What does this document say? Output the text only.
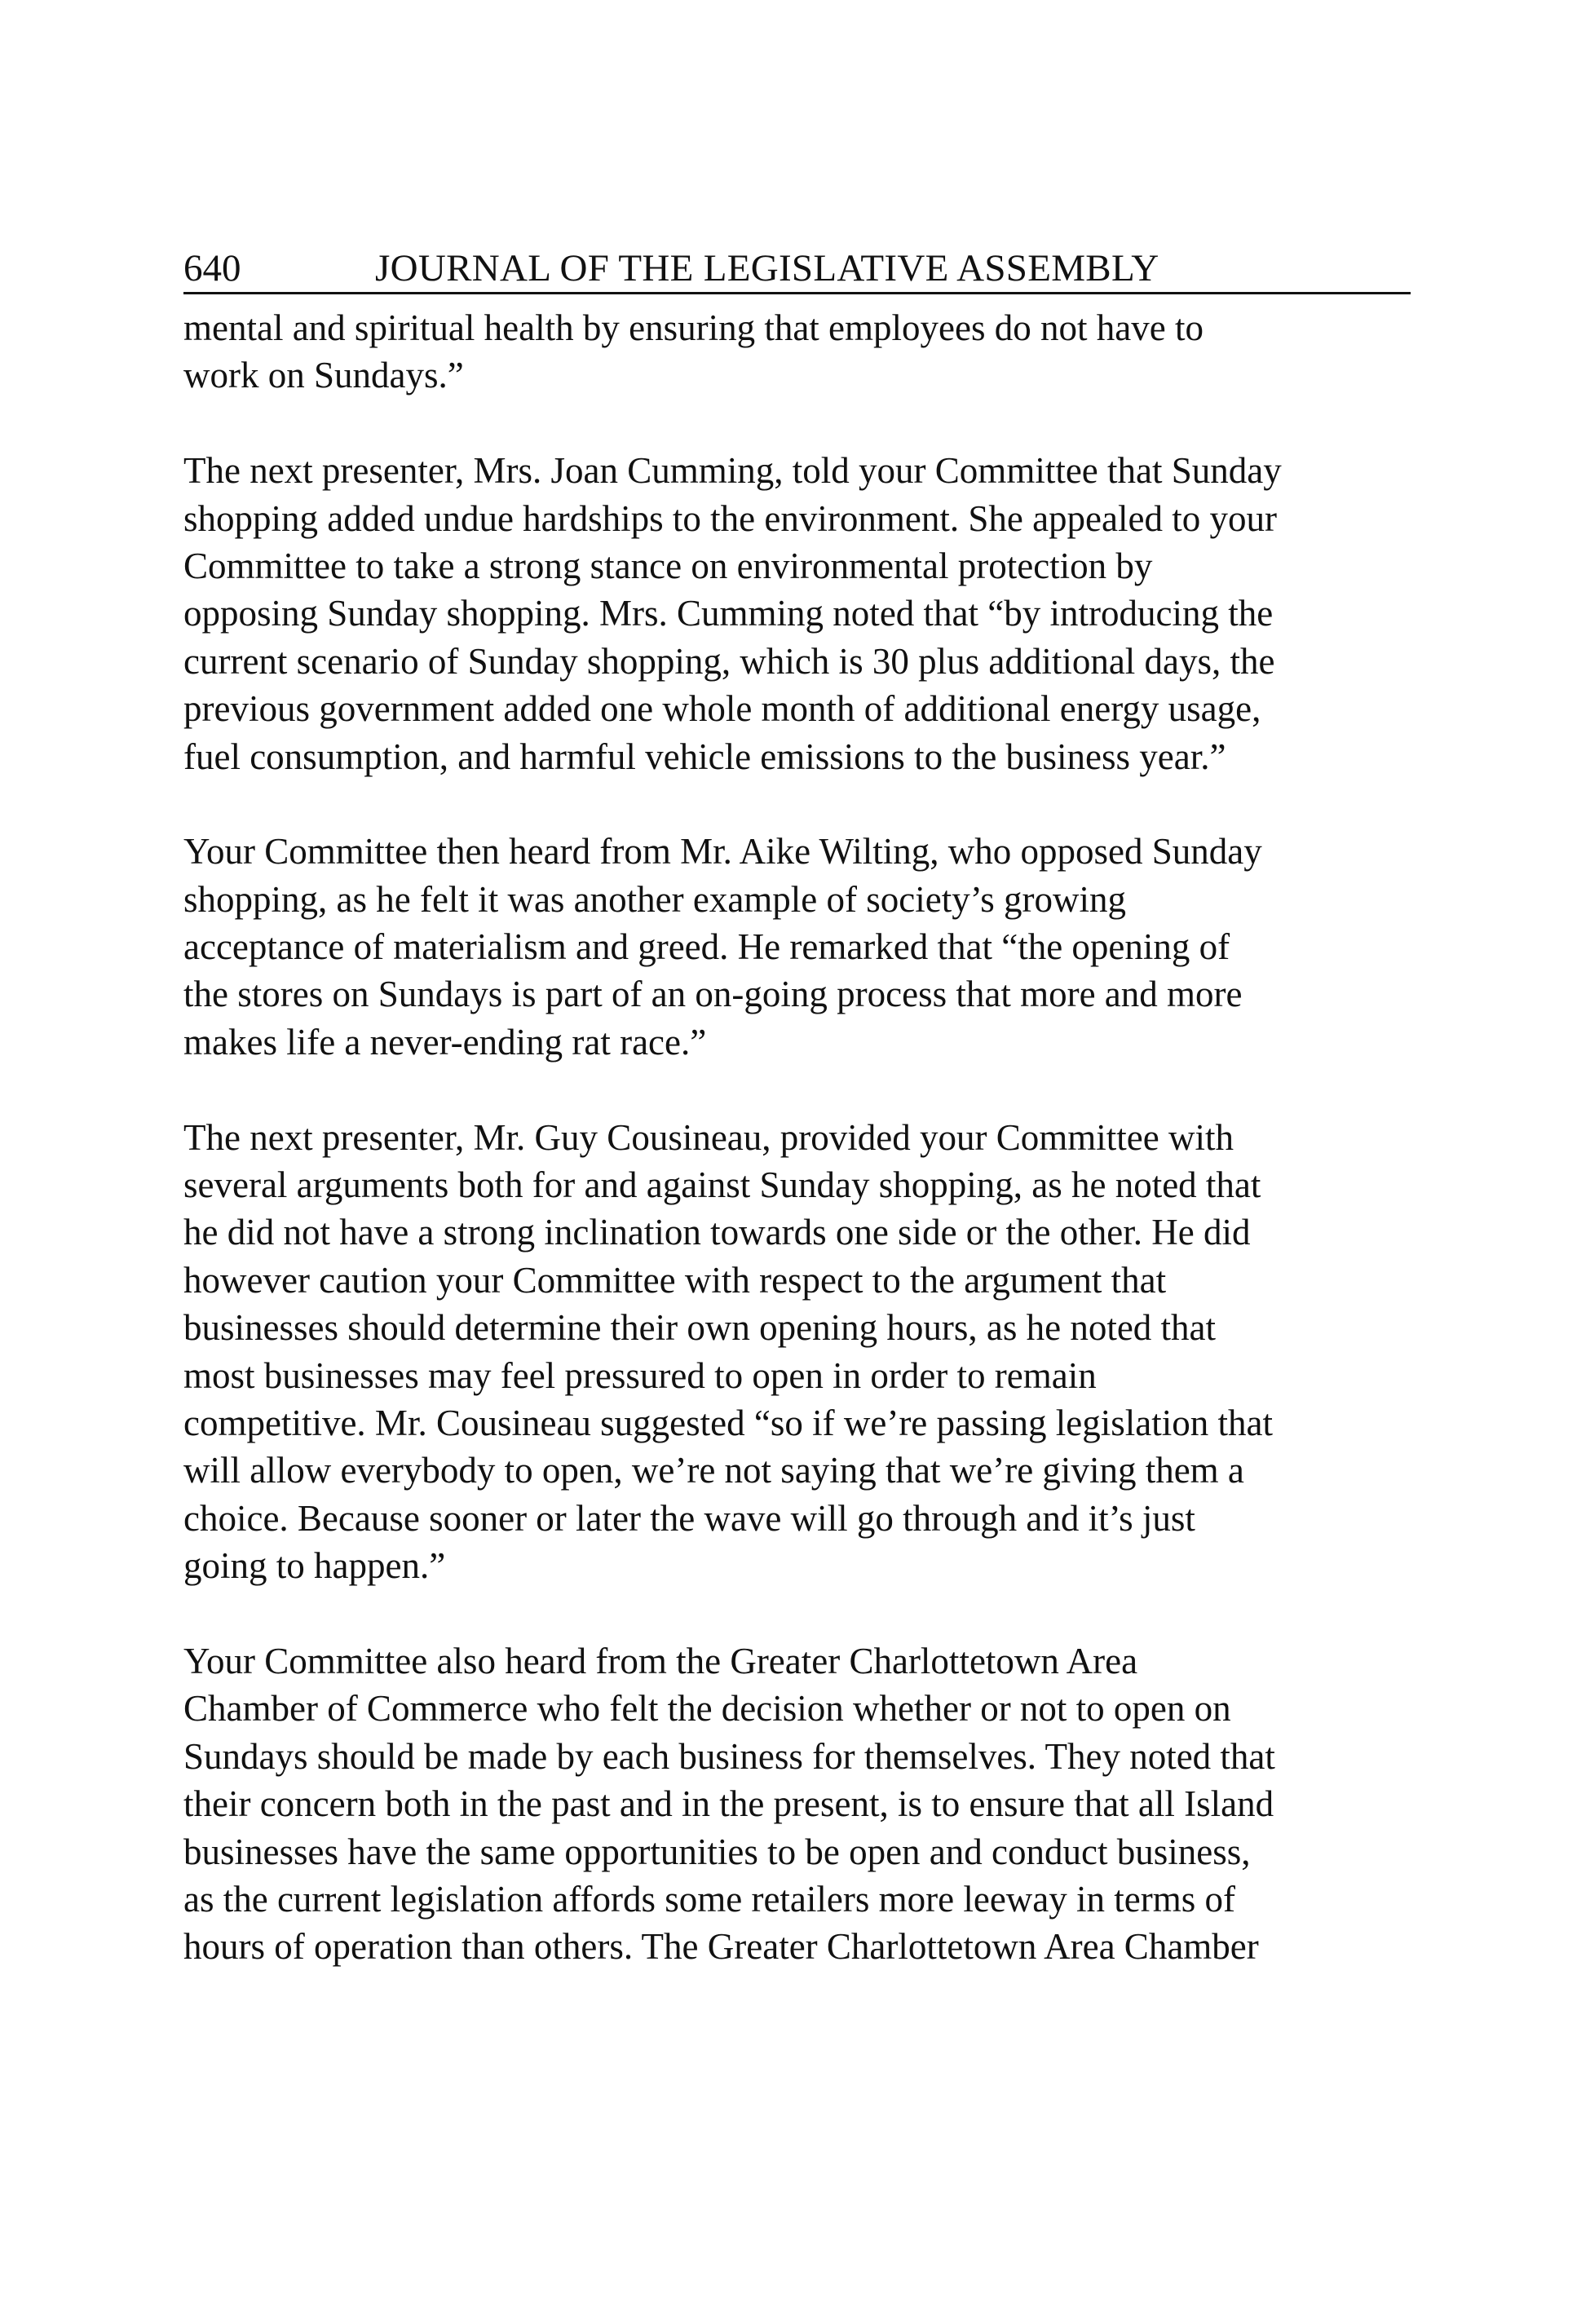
640	JOURNAL OF THE LEGISLATIVE ASSEMBLY
mental and spiritual health by ensuring that employees do not have to
work on Sundays.”
The next presenter, Mrs. Joan Cumming, told your Committee that Sunday
shopping added undue hardships to the environment. She appealed to your
Committee to take a strong stance on environmental protection by
opposing Sunday shopping. Mrs. Cumming noted that “by introducing the
current scenario of Sunday shopping, which is 30 plus additional days, the
previous government added one whole month of additional energy usage,
fuel consumption, and harmful vehicle emissions to the business year.”
Your Committee then heard from Mr. Aike Wilting, who opposed Sunday
shopping, as he felt it was another example of society’s growing
acceptance of materialism and greed. He remarked that “the opening of
the stores on Sundays is part of an on-going process that more and more
makes life a never-ending rat race.”
The next presenter, Mr. Guy Cousineau, provided your Committee with
several arguments both for and against Sunday shopping, as he noted that
he did not have a strong inclination towards one side or the other. He did
however caution your Committee with respect to the argument that
businesses should determine their own opening hours, as he noted that
most businesses may feel pressured to open in order to remain
competitive. Mr. Cousineau suggested “so if we’re passing legislation that
will allow everybody to open, we’re not saying that we’re giving them a
choice. Because sooner or later the wave will go through and it’s just
going to happen.”
Your Committee also heard from the Greater Charlottetown Area
Chamber of Commerce who felt the decision whether or not to open on
Sundays should be made by each business for themselves. They noted that
their concern both in the past and in the present, is to ensure that all Island
businesses have the same opportunities to be open and conduct business,
as the current legislation affords some retailers more leeway in terms of
hours of operation than others. The Greater Charlottetown Area Chamber
